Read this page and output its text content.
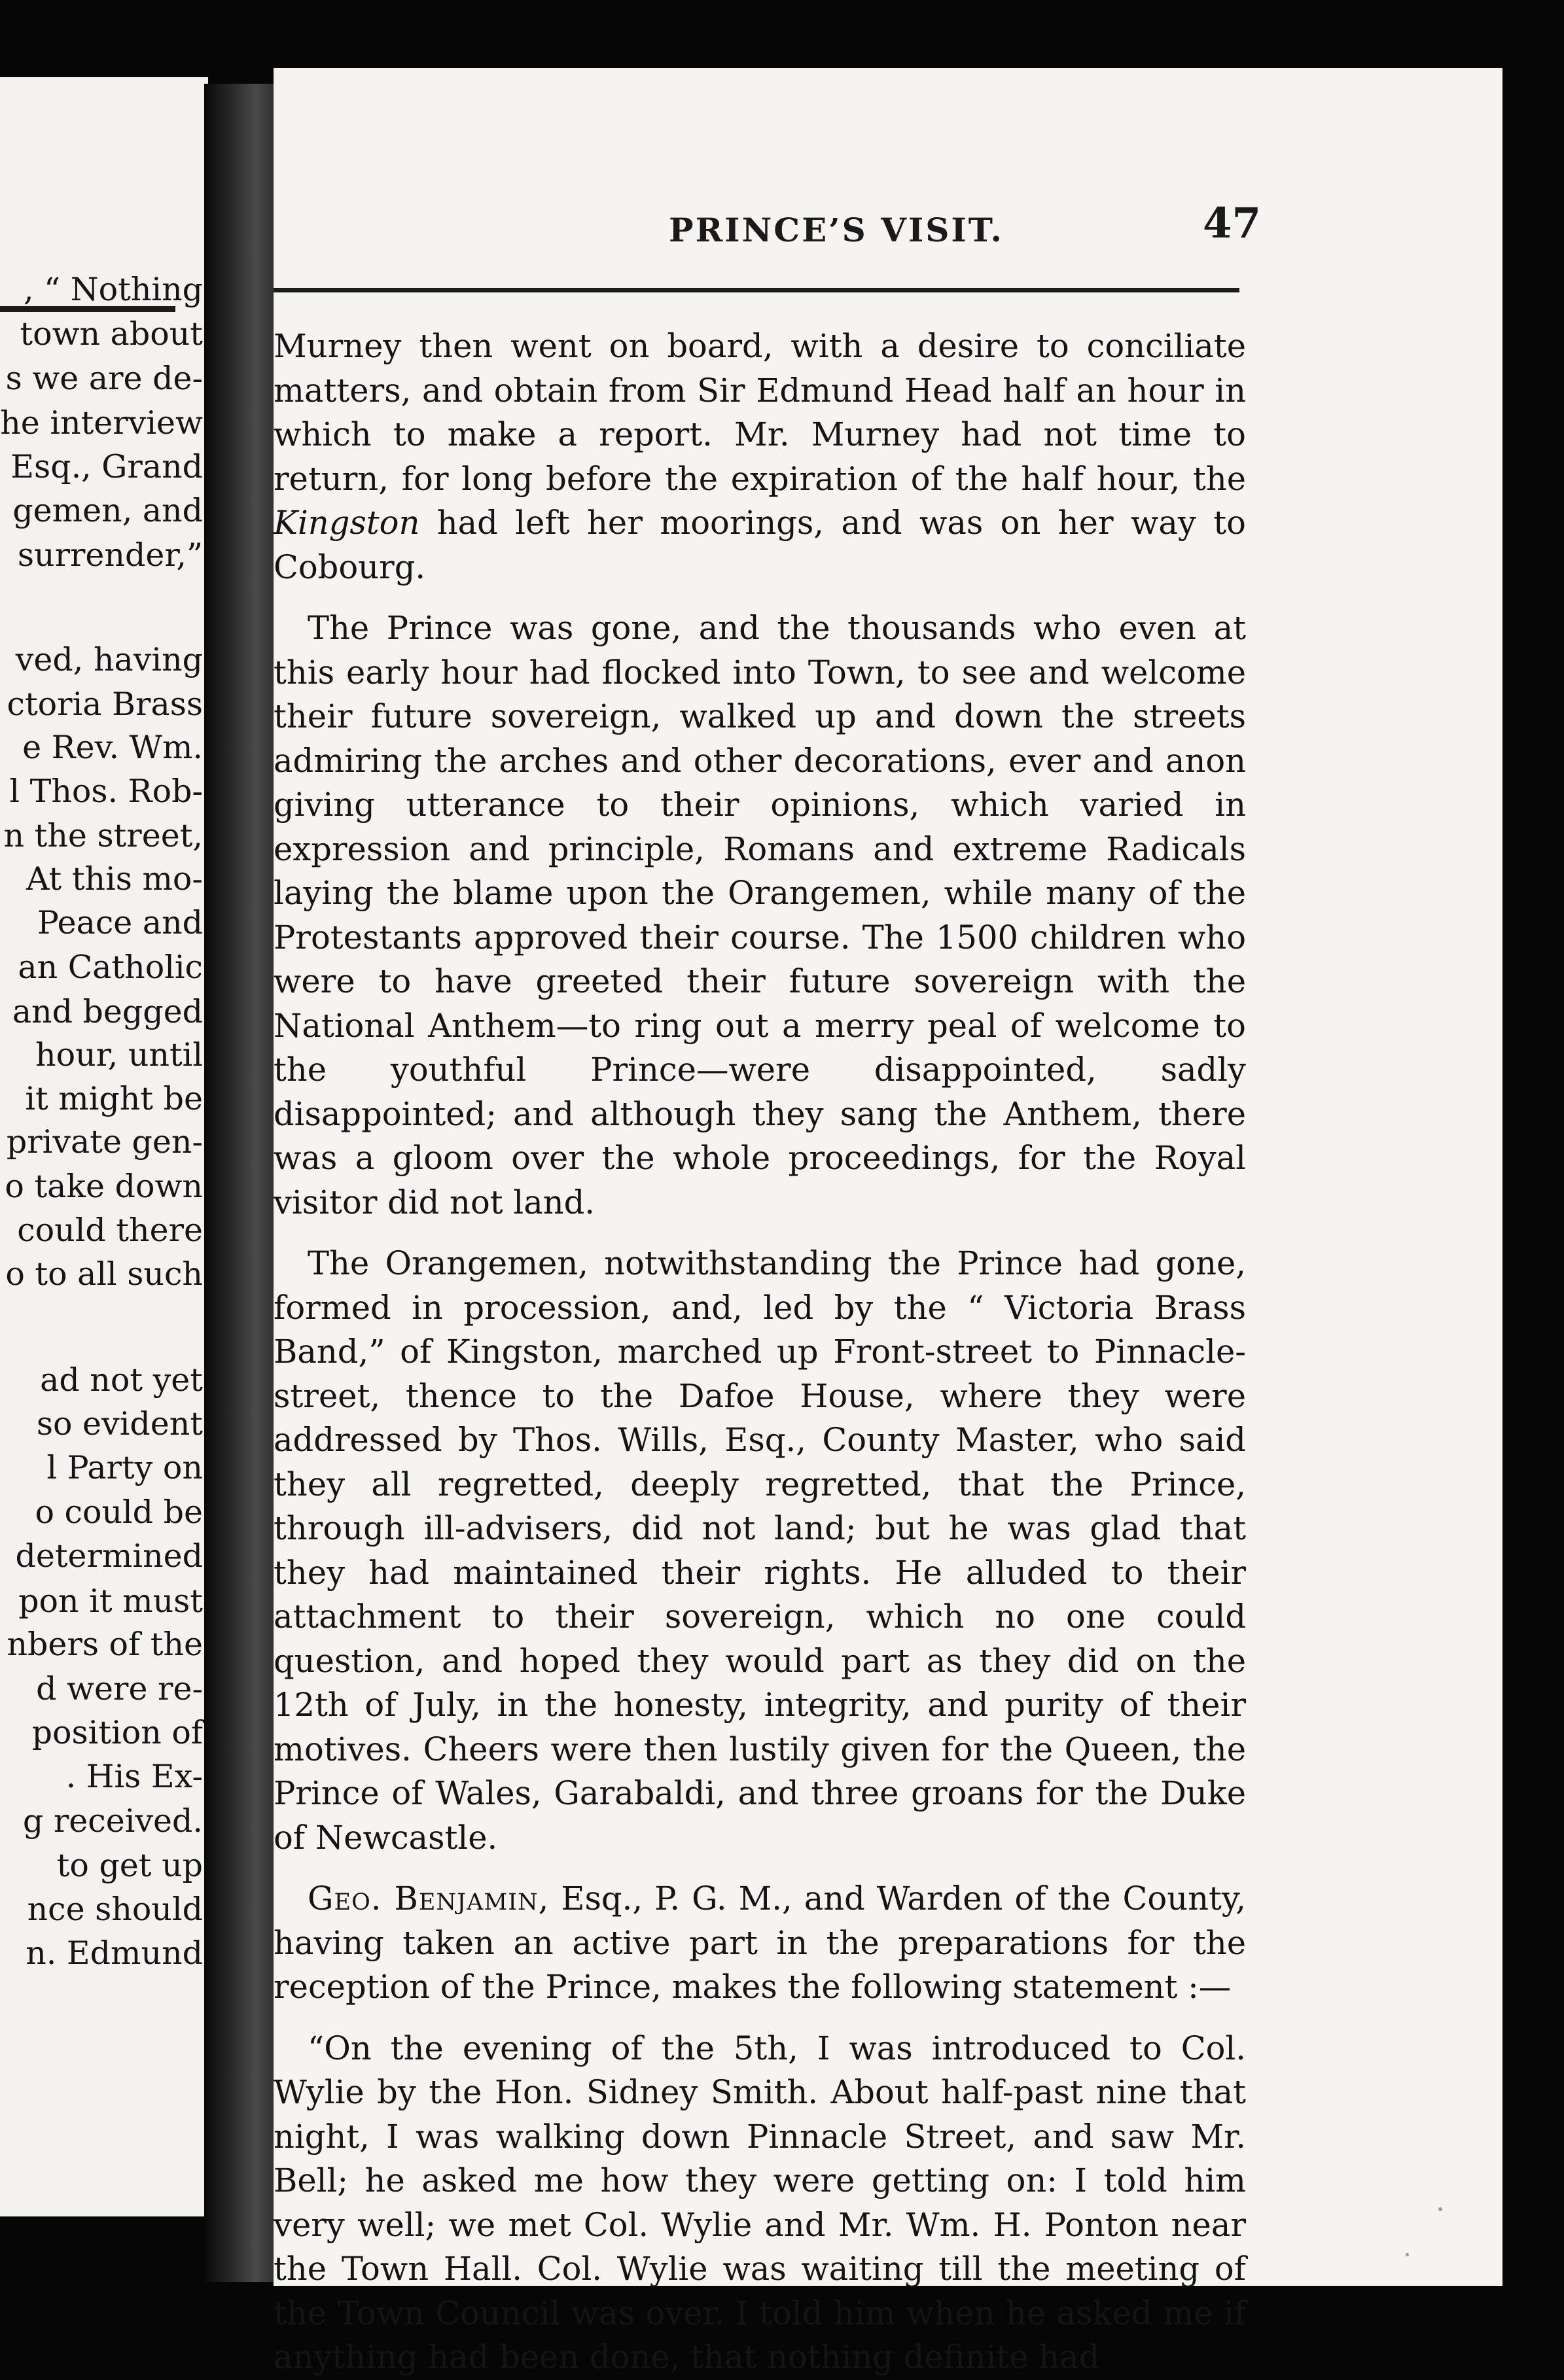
, “ Nothing
town about
s we are de-
he interview
Esq., Grand
gemen, and
surrender,”
ved, having
ctoria Brass
e Rev. Wm.
l Thos. Rob-
n the street,
At this mo-
Peace and
an Catholic
and begged
hour, until
it might be
private gen-
o take down
could there
o to all such
ad not yet
so evident
l Party on
o could be
determined
pon it must
nbers of the
d were re-
position of
. His Ex-
g received.
to get up
nce should
n. Edmund
PRINCE’S VISIT.	47

Murney then went on board, with a desire to conciliate matters, and obtain from Sir Edmund Head half an hour in which to make a report. Mr. Murney had not time to return, for long before the expiration of the half hour, the Kingston had left her moorings, and was on her way to Cobourg.

The Prince was gone, and the thousands who even at this early hour had flocked into Town, to see and welcome their future sovereign, walked up and down the streets admiring the arches and other decorations, ever and anon giving utterance to their opinions, which varied in expression and principle, Romans and extreme Radicals laying the blame upon the Orangemen, while many of the Protestants approved their course. The 1500 children who were to have greeted their future sovereign with the National Anthem—to ring out a merry peal of welcome to the youthful Prince—were disappointed, sadly disappointed; and although they sang the Anthem, there was a gloom over the whole proceedings, for the Royal visitor did not land.

The Orangemen, notwithstanding the Prince had gone, formed in procession, and, led by the “ Victoria Brass Band,” of Kingston, marched up Front-street to Pinnacle-street, thence to the Dafoe House, where they were addressed by Thos. Wills, Esq., County Master, who said they all regretted, deeply regretted, that the Prince, through ill-advisers, did not land; but he was glad that they had maintained their rights. He alluded to their attachment to their sovereign, which no one could question, and hoped they would part as they did on the 12th of July, in the honesty, integrity, and purity of their motives. Cheers were then lustily given for the Queen, the Prince of Wales, Garabaldi, and three groans for the Duke of Newcastle.

Geo. Benjamin, Esq., P. G. M., and Warden of the County, having taken an active part in the preparations for the reception of the Prince, makes the following statement :—

“On the evening of the 5th, I was introduced to Col. Wylie by the Hon. Sidney Smith. About half-past nine that night, I was walking down Pinnacle Street, and saw Mr. Bell; he asked me how they were getting on: I told him very well; we met Col. Wylie and Mr. Wm. H. Ponton near the Town Hall. Col. Wylie was waiting till the meeting of the Town Council was over. I told him when he asked me if anything had been done, that nothing definite had
